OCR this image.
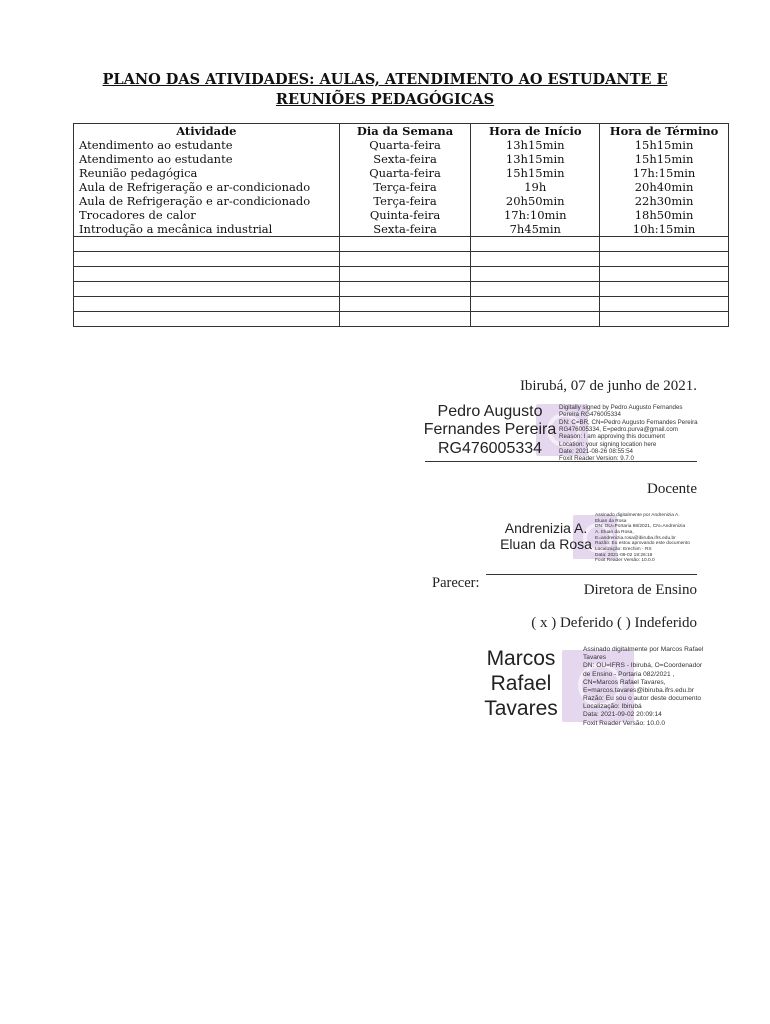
PLANO DAS ATIVIDADES: AULAS, ATENDIMENTO AO ESTUDANTE E
REUNIÕES PEDAGÓGICAS
Atividade	Dia da Semana	Hora de Início	Hora de Término
Atendimento ao estudante	Quarta-feira	13h15min	15h15min
Atendimento ao estudante	Sexta-feira	13h15min	15h15min
Reunião pedagógica	Quarta-feira	15h15min	17h:15min
Aula de Refrigeração e ar-condicionado	Terça-feira	19h	20h40min
Aula de Refrigeração e ar-condicionado	Terça-feira	20h50min	22h30min
Trocadores de calor	Quinta-feira	17h:10min	18h50min
Introdução a mecânica industrial	Sexta-feira	7h45min	10h:15min

Ibirubá, 07 de junho de 2021.
Pedro Augusto
Fernandes Pereira
RG476005334
Digitally signed by Pedro Augusto Fernandes
Pereira RG476005334
DN: C=BR, CN=Pedro Augusto Fernandes Pereira
RG476005334, E=pedro.purva@gmail.com
Reason: I am approving this document
Location: your signing location here
Date: 2021-08-26 08:55:54
Foxit Reader Version: 9.7.0
Docente
Andrenizia A.
Eluan da Rosa
Assinado digitalmente por Andrenizia A.
Eluan da Rosa
DN: OU=Portaria 88/2021, CN=Andrenizia
A. Eluan da Rosa,
E=andrenizia.rosa@ibiruba.ifrs.edu.br
Razão: Eu estou aprovando este documento
Localização: Erechim - RS
Data: 2021-09-02 18:26:19
Foxit Reader Versão: 10.0.0
Parecer:	Diretora de Ensino
( x ) Deferido ( ) Indeferido
Marcos
Rafael
Tavares
Assinado digitalmente por Marcos Rafael
Tavares
DN: OU=IFRS - Ibirubá, O=Coordenador
de Ensino - Portaria 082/2021 ,
CN=Marcos Rafael Tavares,
E=marcos.tavares@ibiruba.ifrs.edu.br
Razão: Eu sou o autor deste documento
Localização: Ibirubá
Data: 2021-09-02 20:09:14
Foxit Reader Versão: 10.0.0
